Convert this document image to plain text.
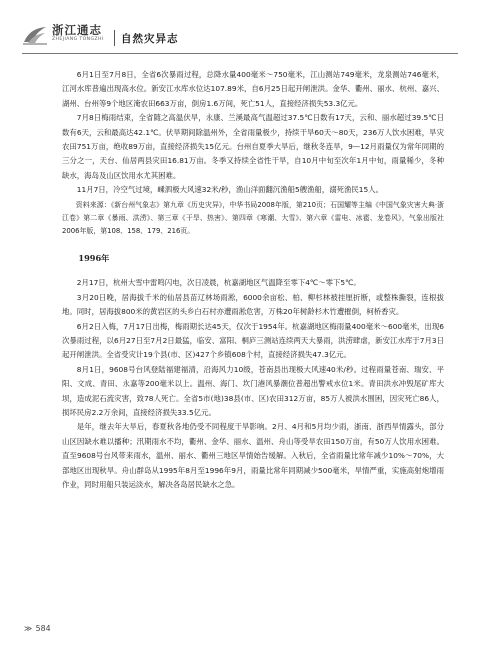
浙江通志
ZHEJIANG TONGZHI 自然灾异志

6月1日至7月8日，全省6次暴雨过程，总降水量400毫米～750毫米，江山测站749毫米，龙泉测站746毫米，江河水库普遍出现高水位。新安江水库水位达107.89米，自6月25日起开闸泄洪。金华、衢州、丽水、杭州、嘉兴、湖州、台州等9个地区淹农田663万亩，倒房1.6万间，死亡51人，直接经济损失53.3亿元。

7月8日梅雨结束，全省随之高温伏旱，永康、兰溪最高气温超过37.5℃日数有17天，云和、丽水超过39.5℃日数有6天，云和最高达42.1℃。伏旱期间除温州外，全省雨量极少，持续干旱60天～80天，236万人饮水困难，旱灾农田751万亩，绝收89万亩，直接经济损失15亿元。台州自夏季大旱后，继秋冬连旱，9—12月雨量仅为常年同期的三分之一，天台、仙居两县灾田16.81万亩。冬季又持续全省性干旱，自10月中旬至次年1月中旬，雨量稀少，冬种缺水，海岛及山区饮用水尤其困难。

11月7日，冷空气过境，嵊泗极大风速32米/秒，渔山洋面翻沉渔船5艘渔船，溺死渔民15人。

资料来源：《新台州气象志》第九章《历史灾异》，中华书局2008年版，第210页；石国耀等主编《中国气象灾害大典·浙江卷》第二章《暴雨、洪涝》、第三章《干旱、热害》、第四章《寒潮、大雪》、第六章《雷电、冰雹、龙卷风》，气象出版社2006年版，第108、158、179、216页。

1996年

2月17日，杭州大雪中雷鸣闪电，次日凌晨，杭嘉湖地区气温降至零下4℃～零下5℃。

3月20日晚，居海拔千米的仙居县苗辽林场雨淞，6000余亩松、柏、柳杉林被挂厘折断，或整株撕裂，连根拔地。同时，居海拔800米的黄岩区的头乡白石村亦遭雨淞危害，万株20年树龄杉木竹遭摧倒，柯桥香灾。

6月2日入梅，7月17日出梅，梅雨期长达45天，仅次于1954年。杭嘉湖地区梅雨量400毫米～600毫米，出现6次暴雨过程，以6月27日至7月2日最猛，临安、富阳、桐庐三测站连续两天大暴雨，洪涝肆虐，新安江水库于7月3日起开闸泄洪。全省受灾计19个县(市、区)427个乡镇608个村，直接经济损失47.3亿元。

8月1日，9608号台风登陆福建福清，沿海风力10级，苍南县出现极大风速40米/秒。过程雨量苍南、瑞安、平阳、文成、青田、永嘉等200毫米以上。温州、海门、坎门港风暴潮位普超出警戒水位1米。青田洪水冲毁尾矿库大坝，造成泥石流灾害，致78人死亡。全省5市(地)38县(市、区)农田312万亩，85万人被洪水围困，因灾死亡86人，损坏民房2.2万余间，直接经济损失33.5亿元。

是年，继去年大旱后，春夏秋各地仍受不同程度干旱影响。2月、4月和5月均少雨，浙南、浙西旱情露头，部分山区因缺水难以播种；汛期雨水不均，衢州、金华、丽水、温州、舟山等受旱农田150万亩，有50万人饮用水困难。直至9608号台风带来雨水，温州、丽水、衢州三地区旱情始告缓解。入秋后，全省雨量比常年减少10%～70%，大部地区出现秋旱。舟山群岛从1995年8月至1996年9月，雨量比常年同期减少500毫米，旱情严重，实施高射炮增雨作业，同时用船只装运淡水，解决各岛居民缺水之急。

≫ 584
